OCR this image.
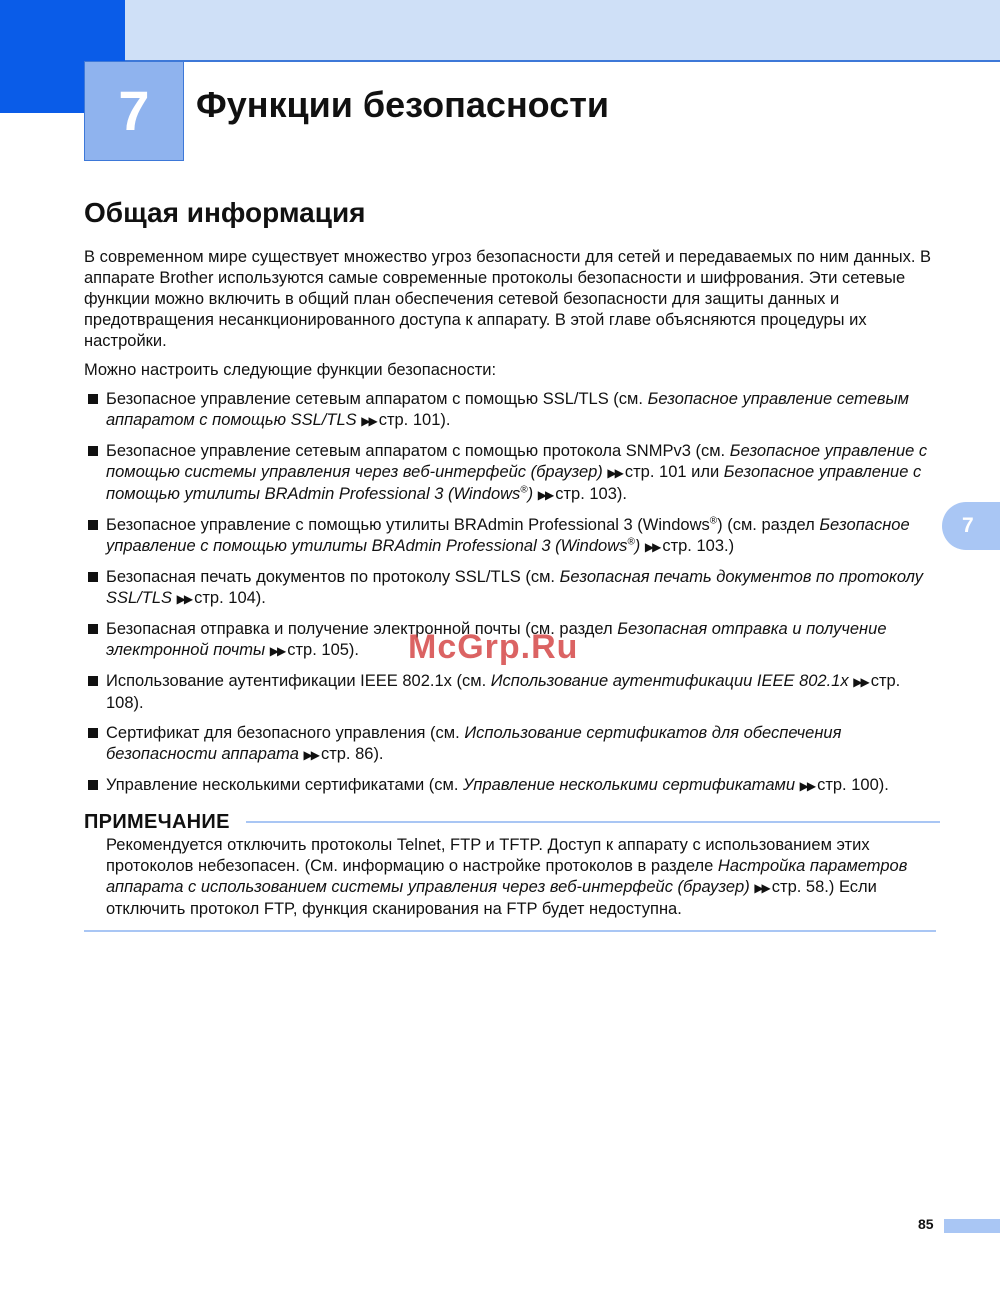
7	Функции безопасности
7
Общая информация

В современном мире существует множество угроз безопасности для сетей и передаваемых по ним данных. В аппарате Brother используются самые современные протоколы безопасности и шифрования. Эти сетевые функции можно включить в общий план обеспечения сетевой безопасности для защиты данных и предотвращения несанкционированного доступа к аппарату. В этой главе объясняются процедуры их настройки.

Можно настроить следующие функции безопасности:

Безопасное управление сетевым аппаратом с помощью SSL/TLS (см. Безопасное управление сетевым аппаратом с помощью SSL/TLS ▶▶ стр. 101).
Безопасное управление сетевым аппаратом с помощью протокола SNMPv3 (см. Безопасное управление с помощью системы управления через веб-интерфейс (браузер) ▶▶ стр. 101 или Безопасное управление с помощью утилиты BRAdmin Professional 3 (Windows®) ▶▶ стр. 103).
Безопасное управление с помощью утилиты BRAdmin Professional 3 (Windows®) (см. раздел Безопасное управление с помощью утилиты BRAdmin Professional 3 (Windows®) ▶▶ стр. 103.)
Безопасная печать документов по протоколу SSL/TLS (см. Безопасная печать документов по протоколу SSL/TLS ▶▶ стр. 104).
Безопасная отправка и получение электронной почты (см. раздел Безопасная отправка и получение электронной почты ▶▶ стр. 105).
Использование аутентификации IEEE 802.1x (см. Использование аутентификации IEEE 802.1x ▶▶ стр. 108).
Сертификат для безопасного управления (см. Использование сертификатов для обеспечения безопасности аппарата ▶▶ стр. 86).
Управление несколькими сертификатами (см. Управление несколькими сертификатами ▶▶ стр. 100).
ПРИМЕЧАНИЕ
Рекомендуется отключить протоколы Telnet, FTP и TFTP. Доступ к аппарату с использованием этих протоколов небезопасен. (См. информацию о настройке протоколов в разделе Настройка параметров аппарата с использованием системы управления через веб-интерфейс (браузер) ▶▶ стр. 58.) Если отключить протокол FTP, функция сканирования на FTP будет недоступна.
McGrp.Ru
85
